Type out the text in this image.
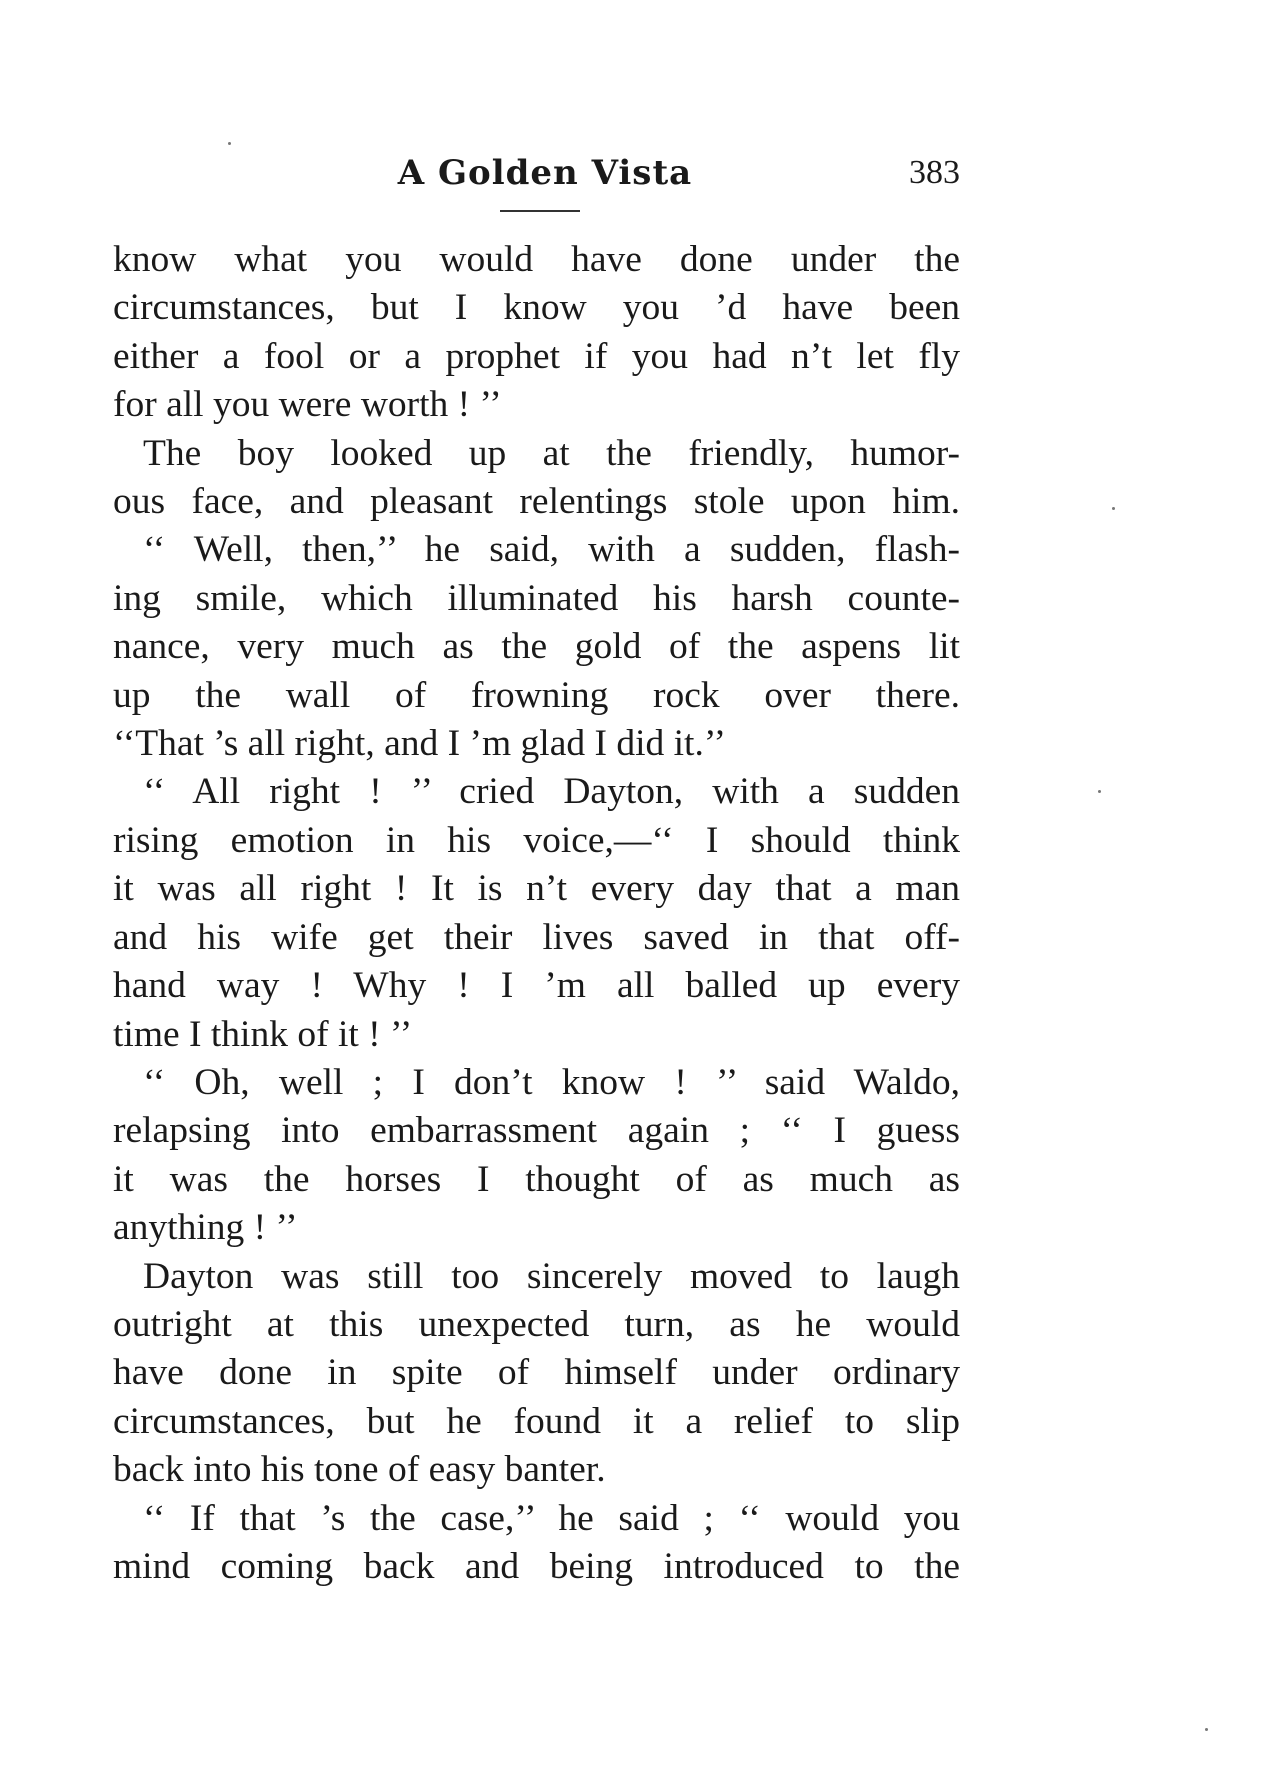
A Golden Vista	383

know what you would have done under the
circumstances, but I know you ’d have been
either a fool or a prophet if you had n’t let fly
for all you were worth ! ’’

The boy looked up at the friendly, humor-
ous face, and pleasant relentings stole upon him.

‘‘ Well, then,’’ he said, with a sudden, flash-
ing smile, which illuminated his harsh counte-
nance, very much as the gold of the aspens lit
up the wall of frowning rock over there.
‘‘That ’s all right, and I ’m glad I did it.’’

‘‘ All right ! ’’ cried Dayton, with a sudden
rising emotion in his voice,—‘‘ I should think
it was all right ! It is n’t every day that a man
and his wife get their lives saved in that off-
hand way ! Why ! I ’m all balled up every
time I think of it ! ’’

‘‘ Oh, well ; I don’t know ! ’’ said Waldo,
relapsing into embarrassment again ; ‘‘ I guess
it was the horses I thought of as much as
anything ! ’’

Dayton was still too sincerely moved to laugh
outright at this unexpected turn, as he would
have done in spite of himself under ordinary
circumstances, but he found it a relief to slip
back into his tone of easy banter.

‘‘ If that ’s the case,’’ he said ; ‘‘ would you
mind coming back and being introduced to the
